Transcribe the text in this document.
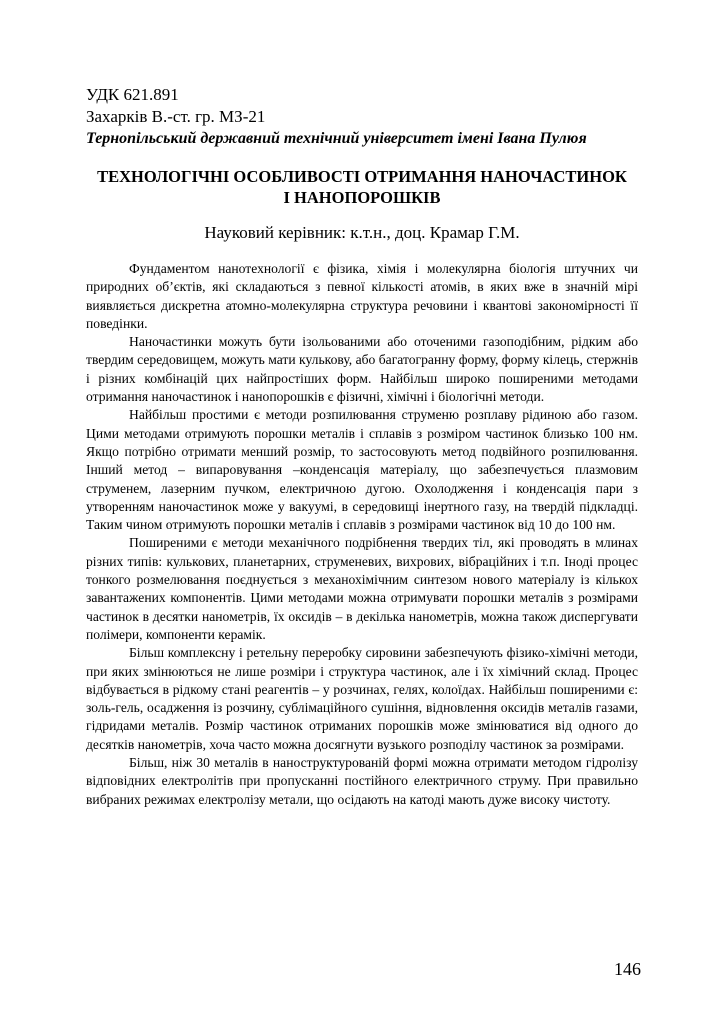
УДК 621.891

Захарків В.-ст. гр. МЗ-21

Тернопільський державний технічний університет імені Івана Пулюя

ТЕХНОЛОГІЧНІ ОСОБЛИВОСТІ ОТРИМАННЯ НАНОЧАСТИНОК
І НАНОПОРОШКІВ

Науковий керівник: к.т.н., доц. Крамар Г.М.

Фундаментом нанотехнології є фізика, хімія і молекулярна біологія штучних чи природних об’єктів, які складаються з певної кількості атомів, в яких вже в значній мірі виявляється дискретна атомно-молекулярна структура речовини і квантові закономірності її поведінки.

Наночастинки можуть бути ізольованими або оточеними газоподібним, рідким або твердим середовищем, можуть мати кулькову, або багатогранну форму, форму кілець, стержнів і різних комбінацій цих найпростіших форм. Найбільш широко поширеними методами отримання наночастинок і нанопорошків є фізичні, хімічні і біологічні методи.

Найбільш простими є методи розпилювання струменю розплаву рідиною або газом. Цими методами отримують порошки металів і сплавів з розміром частинок близько 100 нм. Якщо потрібно отримати менший розмір, то застосовують метод подвійного розпилювання. Інший метод – випаровування –конденсація матеріалу, що забезпечується плазмовим струменем, лазерним пучком, електричною дугою. Охолодження і конденсація пари з утворенням наночастинок може у вакуумі, в середовищі інертного газу, на твердій підкладці. Таким чином отримують порошки металів і сплавів з розмірами частинок від 10 до 100 нм.

Поширеними є методи механічного подрібнення твердих тіл, які проводять в млинах різних типів: кулькових, планетарних, струменевих, вихрових, вібраційних і т.п. Іноді процес тонкого розмелювання поєднується з механохімічним синтезом нового матеріалу із кількох завантажених компонентів. Цими методами можна отримувати порошки металів з розмірами частинок в десятки нанометрів, їх оксидів – в декілька нанометрів, можна також диспергувати полімери, компоненти керамік.

Більш комплексну і ретельну переробку сировини забезпечують фізико-хімічні методи, при яких змінюються не лише розміри і структура частинок, але і їх хімічний склад. Процес відбувається в рідкому стані реагентів – у розчинах, гелях, колоїдах. Найбільш поширеними є: золь-гель, осадження із розчину, сублімаційного сушіння, відновлення оксидів металів газами, гідридами металів. Розмір частинок отриманих порошків може змінюватися від одного до десятків нанометрів, хоча часто можна досягнути вузького розподілу частинок за розмірами.

Більш, ніж 30 металів в наноструктурованій формі можна отримати методом гідролізу відповідних електролітів при пропусканні постійного електричного струму. При правильно вибраних режимах електролізу метали, що осідають на катоді мають дуже високу чистоту.

146
